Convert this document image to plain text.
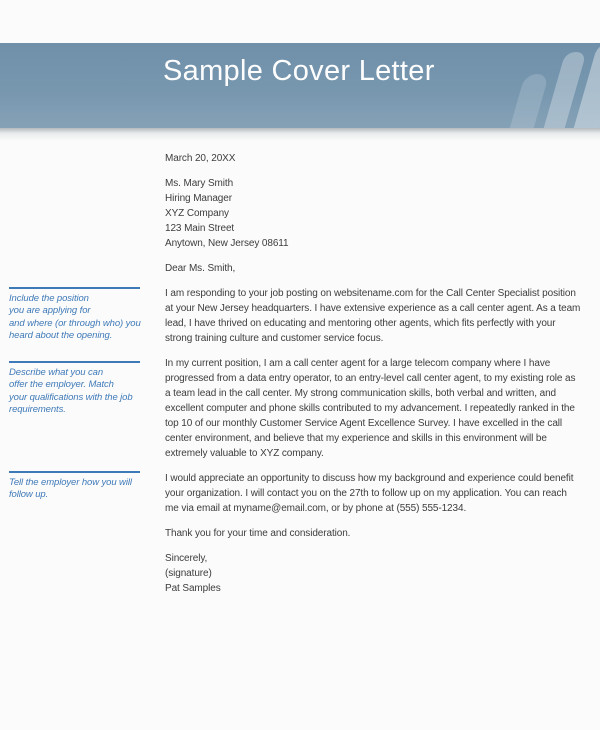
Sample Cover Letter
Include the position
you are applying for
and where (or through who) you
heard about the opening.
Describe what you can
offer the employer. Match
your qualifications with the job
requirements.
Tell the employer how you will
follow up.

March 20, 20XX

Ms. Mary Smith
Hiring Manager
XYZ Company
123 Main Street
Anytown, New Jersey 08611

Dear Ms. Smith,

I am responding to your job posting on websitename.com for the Call Center Specialist position at your New Jersey headquarters. I have extensive experience as a call center agent. As a team lead, I have thrived on educating and mentoring other agents, which fits perfectly with your strong training culture and customer service focus.

In my current position, I am a call center agent for a large telecom company where I have progressed from a data entry operator, to an entry-level call center agent, to my existing role as a team lead in the call center. My strong communication skills, both verbal and written, and excellent computer and phone skills contributed to my advancement. I repeatedly ranked in the top 10 of our monthly Customer Service Agent Excellence Survey. I have excelled in the call center environment, and believe that my experience and skills in this environment will be extremely valuable to XYZ company.

I would appreciate an opportunity to discuss how my background and experience could benefit your organization. I will contact you on the 27th to follow up on my application. You can reach me via email at myname@email.com, or by phone at (555) 555-1234.

Thank you for your time and consideration.

Sincerely,
(signature)
Pat Samples
